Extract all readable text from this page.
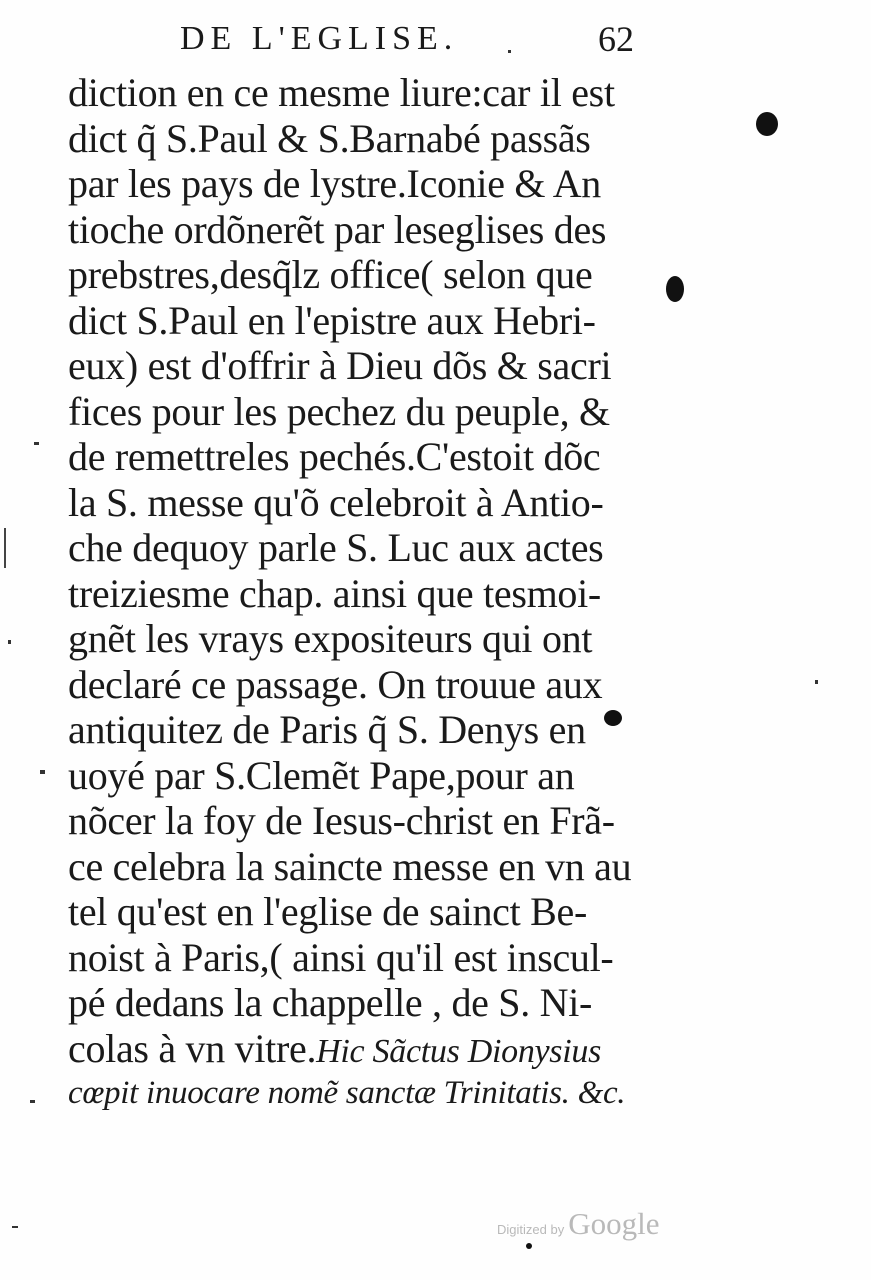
DE L'EGLISE.	62
diction en ce mesme liure:car il est
dict q̃ S.Paul & S.Barnabé passãs
par les pays de lystre.Iconie & An
tioche ordõnerẽt par leseglises des
prebstres,desq̃lz office( selon que
dict S.Paul en l'epistre aux Hebri-
eux) est d'offrir à Dieu dõs & sacri
fices pour les pechez du peuple, &
de remettreles pechés.C'estoit dõc
la S. messe qu'õ celebroit à Antio-
che dequoy parle S. Luc aux actes
treiziesme chap. ainsi que tesmoi-
gnẽt les vrays expositeurs qui ont
declaré ce passage. On trouue aux
antiquitez de Paris q̃ S. Denys en
uoyé par S.Clemẽt Pape,pour an
nõcer la foy de Iesus-christ en Frã-
ce celebra la saincte messe en vn au
tel qu'est en l'eglise de sainct Be-
noist à Paris,( ainsi qu'il est inscul-
pé dedans la chappelle , de S. Ni-
colas à vn vitre.Hic Sãctus Dionysius
cœpit inuocare nomẽ sanctæ Trinitatis. &c.
Digitized by Google
